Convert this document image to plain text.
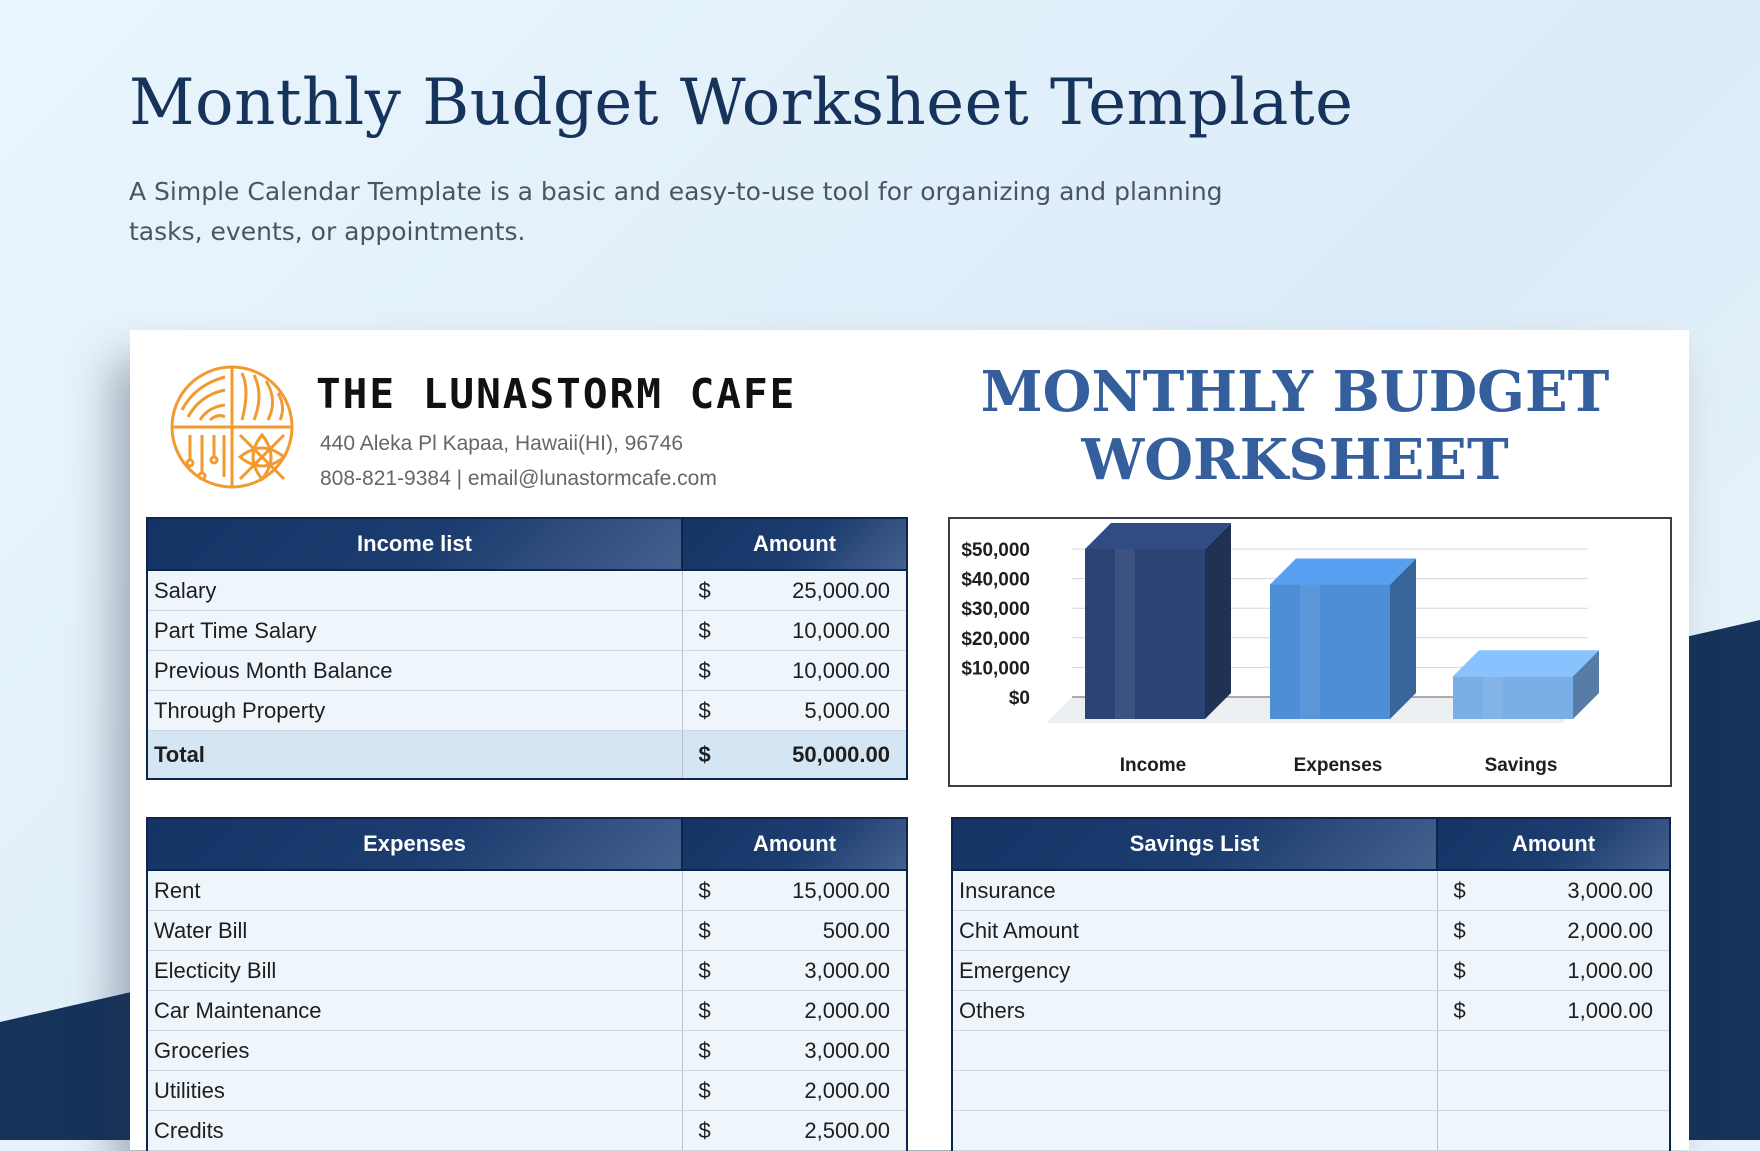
Monthly Budget Worksheet Template

A Simple Calendar Template is a basic and easy-to-use tool for organizing and planning tasks, events, or appointments.

THE LUNASTORM CAFE

440 Aleka Pl Kapaa, Hawaii(HI), 96746

808-821-9384 | email@lunastormcafe.com

MONTHLY BUDGET WORKSHEET
Income list	Amount	
Salary	$	25,000.00
Part Time Salary	$	10,000.00
Previous Month Balance	$	10,000.00
Through Property	$	5,000.00
Total	$	50,000.00
$0
$10,000
$20,000
$30,000
$40,000
$50,000
Income	Expenses	Savings
Expenses	Amount	
Rent	$	15,000.00
Water Bill	$	500.00
Electicity Bill	$	3,000.00
Car Maintenance	$	2,000.00
Groceries	$	3,000.00
Utilities	$	2,000.00
Credits	$	2,500.00
Savings List	Amount	
Insurance	$	3,000.00
Chit Amount	$	2,000.00
Emergency	$	1,000.00
Others	$	1,000.00
